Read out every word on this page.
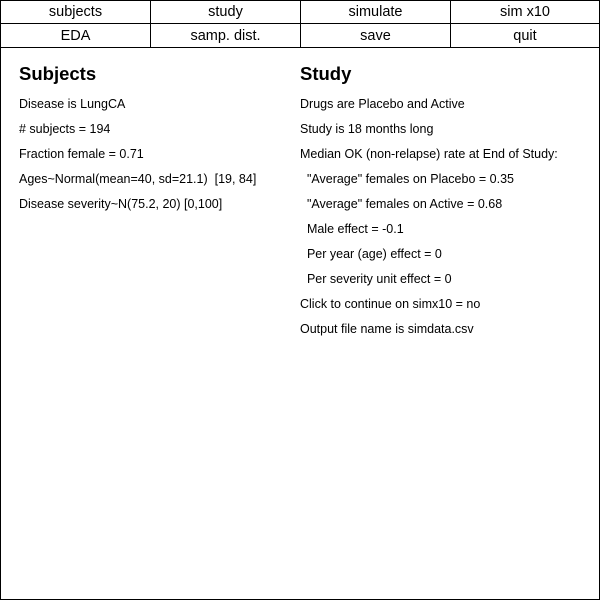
subjects	study	simulate	sim x10
EDA	samp. dist.	save	quit
Subjects
Disease is LungCA
# subjects = 194
Fraction female = 0.71
Ages~Normal(mean=40, sd=21.1)  [19, 84]
Disease severity~N(75.2, 20) [0,100]
Study
Drugs are Placebo and Active
Study is 18 months long
Median OK (non-relapse) rate at End of Study:
"Average" females on Placebo = 0.35
"Average" females on Active = 0.68
Male effect = -0.1
Per year (age) effect = 0
Per severity unit effect = 0
Click to continue on simx10 = no
Output file name is simdata.csv
